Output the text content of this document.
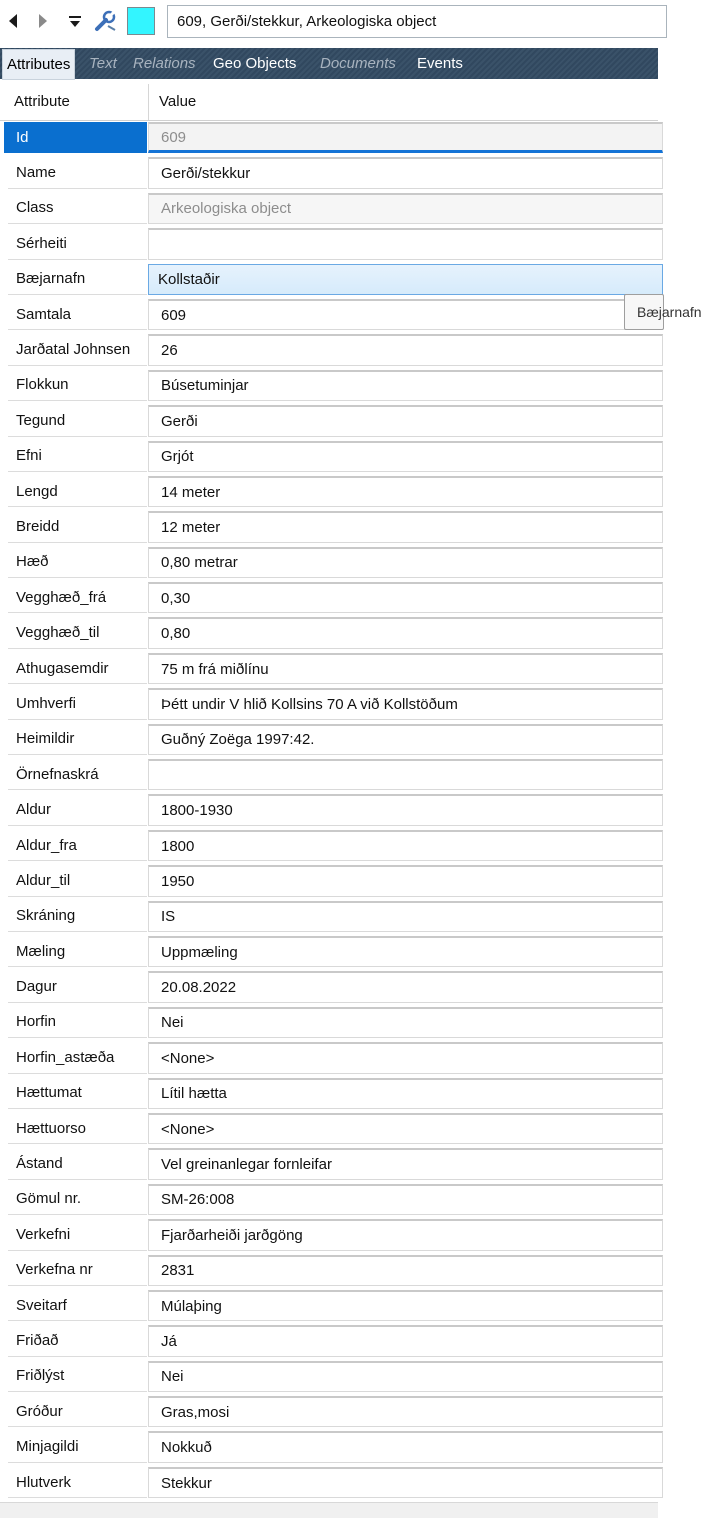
609, Gerði/stekkur, Arkeologiska object
Attributes	Text Relations Geo Objects Documents Events
Attribute	Value
Id	609
Name	Gerði/stekkur
Class	Arkeologiska object
Sérheiti
Bæjarnafn	Kollstaðir
Samtala	609
Jarðatal Johnsen	26
Flokkun	Búsetuminjar
Tegund	Gerði
Efni	Grjót
Lengd	14 meter
Breidd	12 meter
Hæð	0,80 metrar
Vegghæð_frá	0,30
Vegghæð_til	0,80
Athugasemdir	75 m frá miðlínu
Umhverfi	Þétt undir V hlið Kollsins 70 A við Kollstöðum
Heimildir	Guðný Zoëga 1997:42.
Örnefnaskrá
Aldur	1800-1930
Aldur_fra	1800
Aldur_til	1950
Skráning	IS
Mæling	Uppmæling
Dagur	20.08.2022
Horfin	Nei
Horfin_astæða	<None>
Hættumat	Lítil hætta
Hættuorso	<None>
Ástand	Vel greinanlegar fornleifar
Gömul nr.	SM-26:008
Verkefni	Fjarðarheiði jarðgöng
Verkefna nr	2831
Sveitarf	Múlaþing
Friðað	Já
Friðlýst	Nei
Gróður	Gras,mosi
Minjagildi	Nokkuð
Hlutverk	Stekkur
Bæjarnafn
